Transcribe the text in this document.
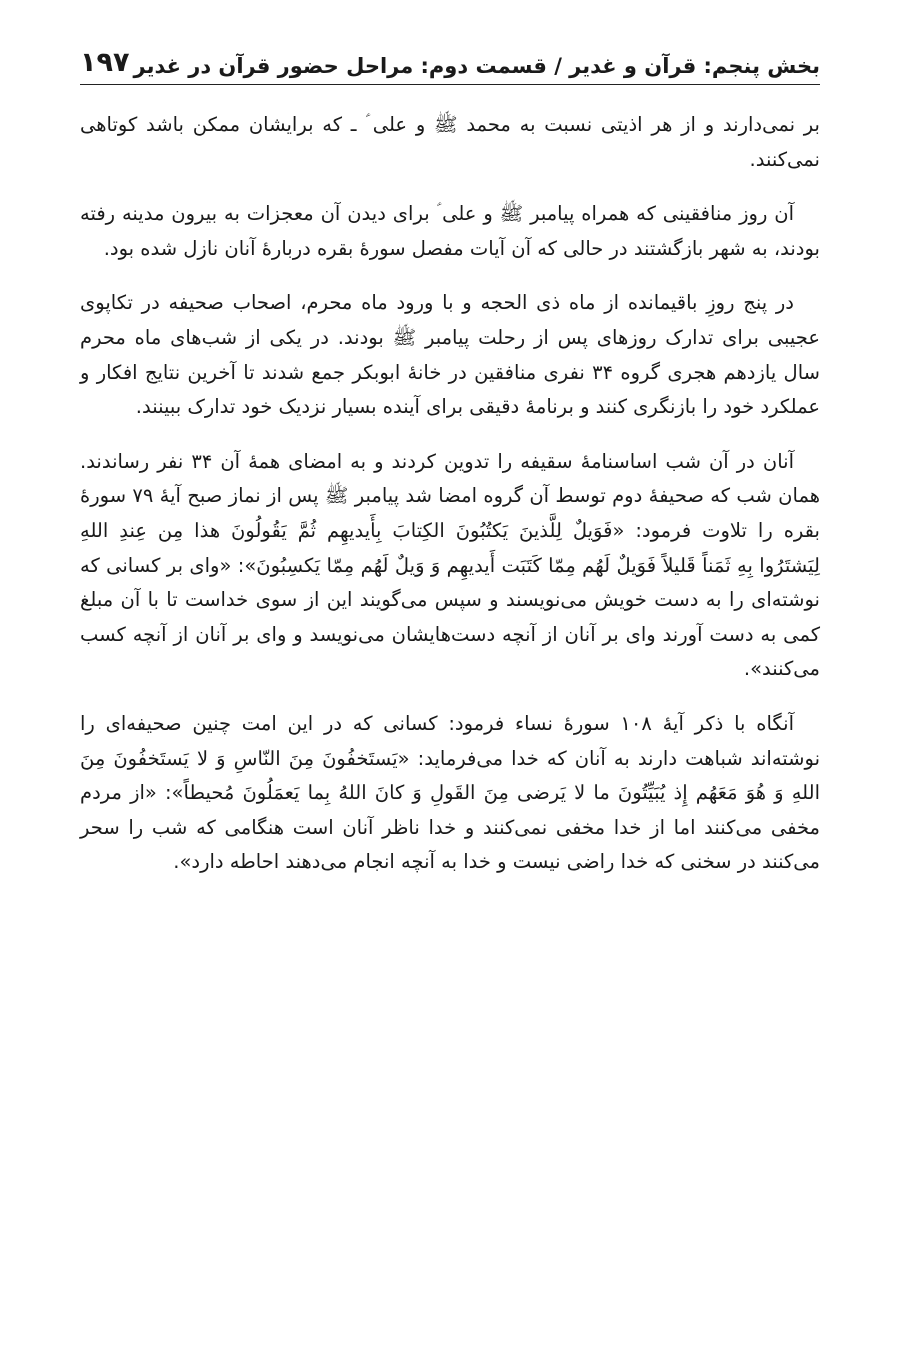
بخش پنجم: قرآن و غدیر / قسمت دوم: مراحل حضور قرآن در غدیر
۱۹۷

بر نمی‌دارند و از هر اذیتی نسبت به محمد ﷺ و علی ؑ ـ که برایشان ممکن باشد کوتاهی نمی‌کنند.

آن روز منافقینی که همراه پیامبر ﷺ و علی ؑ برای دیدن آن معجزات به بیرون مدینه رفته بودند، به شهر بازگشتند در حالی که آن آیات مفصل سورهٔ بقره دربارهٔ آنان نازل شده بود.

در پنج روزِ باقیمانده از ماه ذی الحجه و با ورود ماه محرم، اصحاب صحیفه در تکاپوی عجیبی برای تدارک روزهای پس از رحلت پیامبر ﷺ بودند. در یکی از شب‌های ماه محرم سال یازدهم هجری گروه ۳۴ نفری منافقین در خانهٔ ابوبکر جمع شدند تا آخرین نتایج افکار و عملکرد خود را بازنگری کنند و برنامهٔ دقیقی برای آینده بسیار نزدیک خود تدارک ببینند.

آنان در آن شب اساسنامهٔ سقیفه را تدوین کردند و به امضای همهٔ آن ۳۴ نفر رساندند. همان شب که صحیفهٔ دوم توسط آن گروه امضا شد پیامبر ﷺ پس از نماز صبح آیهٔ ۷۹ سورهٔ بقره را تلاوت فرمود: «فَوَيلٌ لِلَّذينَ يَكتُبُونَ الكِتابَ بِأَيديهِم ثُمَّ يَقُولُونَ هذا مِن عِندِ اللهِ لِيَشتَرُوا بِهِ ثَمَناً قَليلاً فَوَيلٌ لَهُم مِمّا كَتَبَت أَيديهِم وَ وَيلٌ لَهُم مِمّا يَكسِبُونَ»: «وای بر کسانی که نوشته‌ای را به دست خویش می‌نویسند و سپس می‌گویند این از سوی خداست تا با آن مبلغ کمی به دست آورند وای بر آنان از آنچه دست‌هایشان می‌نویسد و وای بر آنان از آنچه کسب می‌کنند».

آنگاه با ذکر آیهٔ ۱۰۸ سورهٔ نساء فرمود: کسانی که در این امت چنین صحیفه‌ای را نوشته‌اند شباهت دارند به آنان که خدا می‌فرماید: «يَستَخفُونَ مِنَ النّاسِ وَ لا يَستَخفُونَ مِنَ اللهِ وَ هُوَ مَعَهُم إِذ يُبَيِّتُونَ ما لا يَرضى مِنَ القَولِ وَ كانَ اللهُ بِما يَعمَلُونَ مُحيطاً»: «از مردم مخفی می‌کنند اما از خدا مخفی نمی‌کنند و خدا ناظر آنان است هنگامی که شب را سحر می‌کنند در سخنی که خدا راضی نیست و خدا به آنچه انجام می‌دهند احاطه دارد».
